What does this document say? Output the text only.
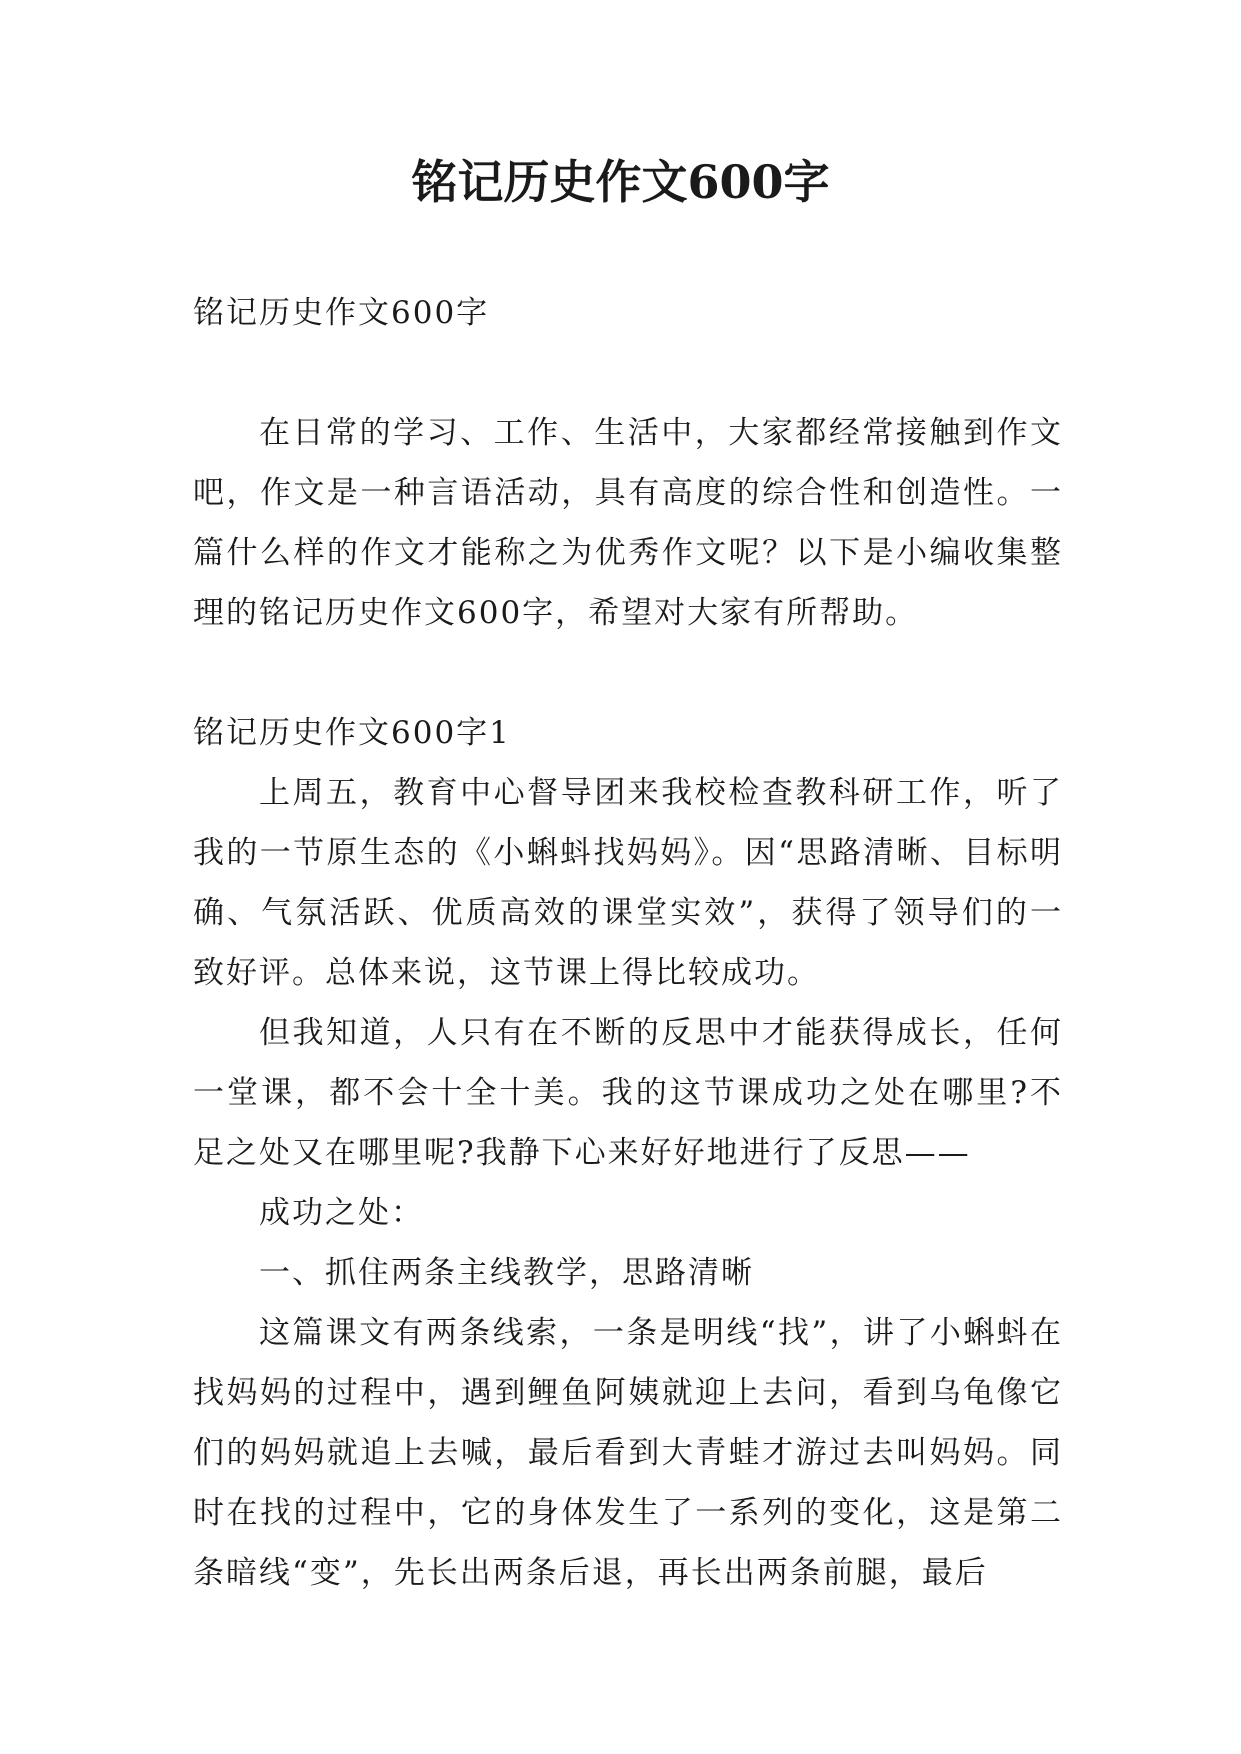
铭记历史作文600字

铭记历史作文600字

在日常的学习、工作、生活中，大家都经常接触到作文吧，作文是一种言语活动，具有高度的综合性和创造性。一篇什么样的作文才能称之为优秀作文呢？以下是小编收集整理的铭记历史作文600字，希望对大家有所帮助。

铭记历史作文600字1

上周五，教育中心督导团来我校检查教科研工作，听了我的一节原生态的《小蝌蚪找妈妈》。因“思路清晰、目标明确、气氛活跃、优质高效的课堂实效”，获得了领导们的一致好评。总体来说，这节课上得比较成功。

但我知道，人只有在不断的反思中才能获得成长，任何一堂课，都不会十全十美。我的这节课成功之处在哪里?不足之处又在哪里呢?我静下心来好好地进行了反思——

成功之处：

一、抓住两条主线教学，思路清晰

这篇课文有两条线索，一条是明线“找”，讲了小蝌蚪在找妈妈的过程中，遇到鲤鱼阿姨就迎上去问，看到乌龟像它们的妈妈就追上去喊，最后看到大青蛙才游过去叫妈妈。同时在找的过程中，它的身体发生了一系列的变化，这是第二条暗线“变”，先长出两条后退，再长出两条前腿，最后
